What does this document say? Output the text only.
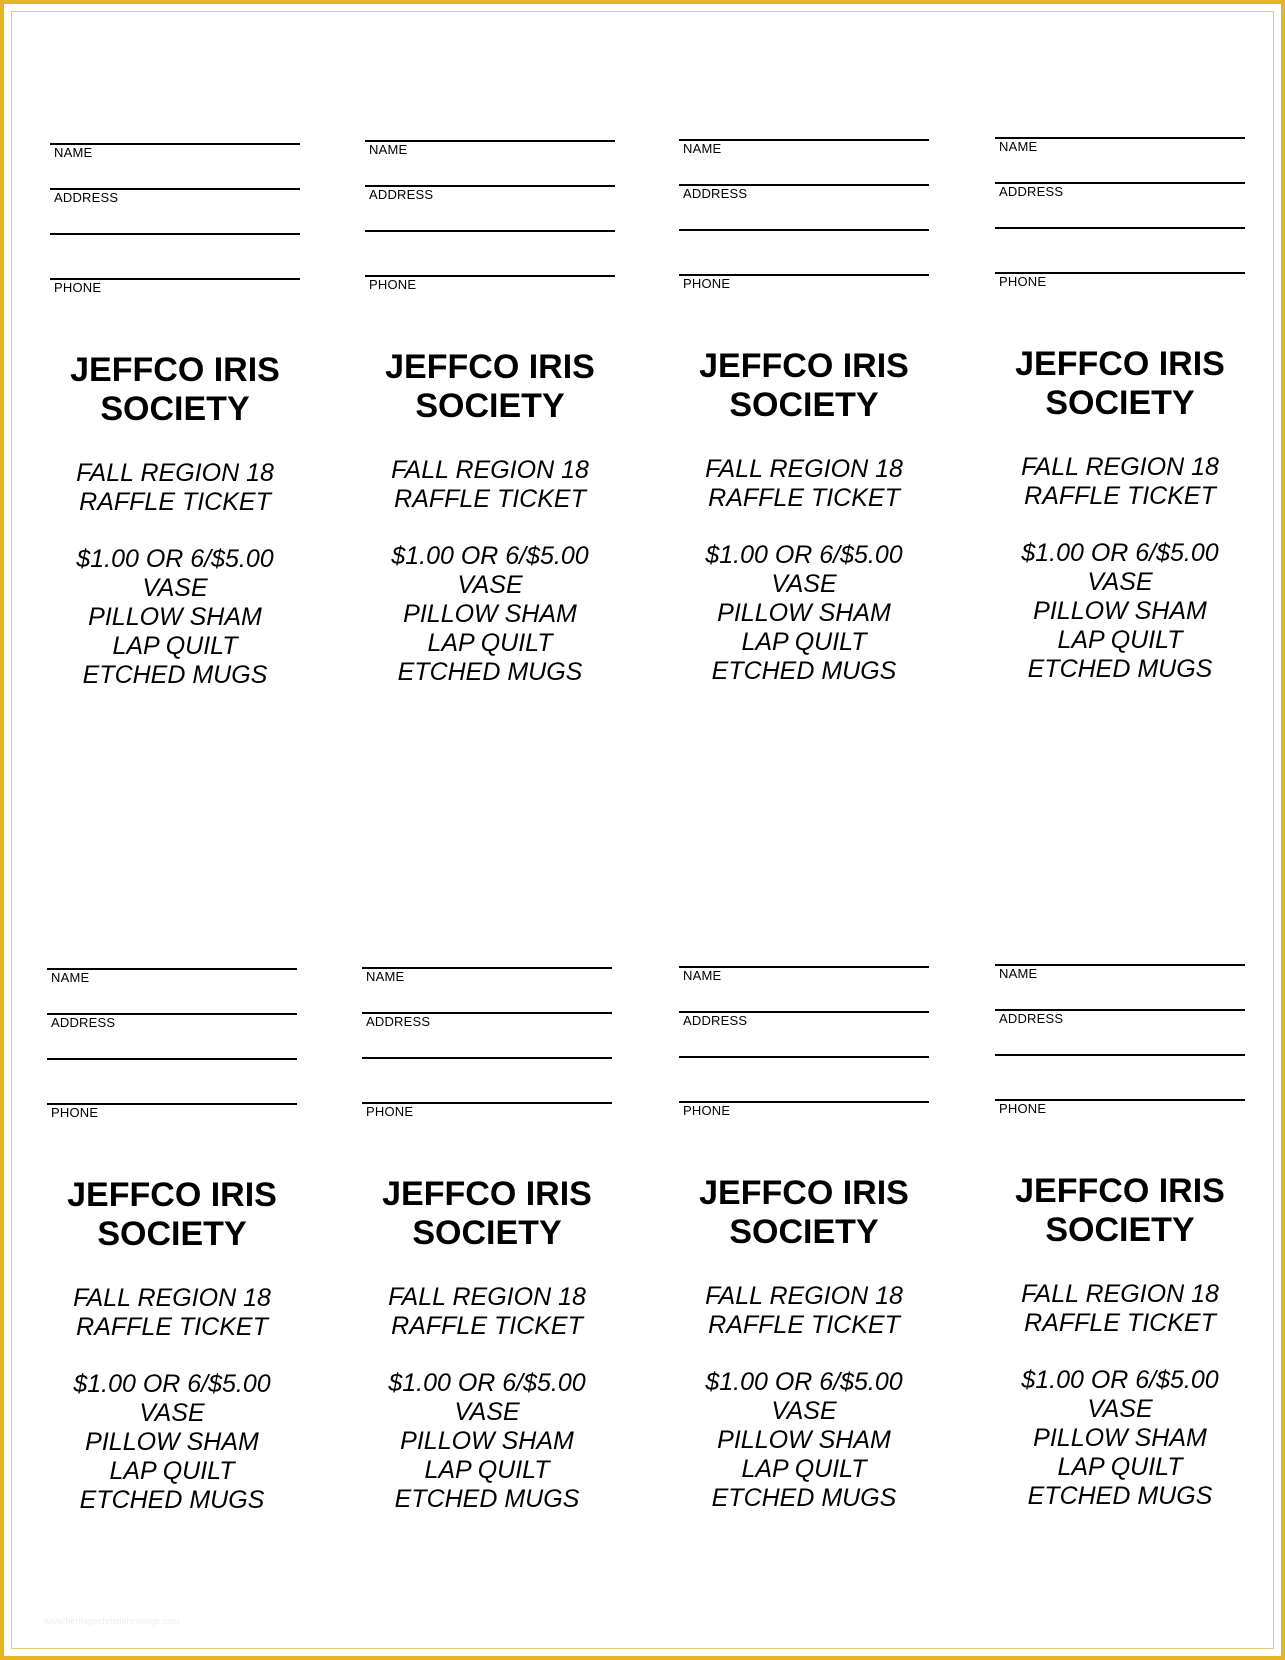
NAME
ADDRESS
PHONE
JEFFCO IRIS
SOCIETY
FALL REGION 18
RAFFLE TICKET
$1.00 OR 6/$5.00
VASE
PILLOW SHAM
LAP QUILT
ETCHED MUGS
NAME
ADDRESS
PHONE
JEFFCO IRIS
SOCIETY
FALL REGION 18
RAFFLE TICKET
$1.00 OR 6/$5.00
VASE
PILLOW SHAM
LAP QUILT
ETCHED MUGS
NAME
ADDRESS
PHONE
JEFFCO IRIS
SOCIETY
FALL REGION 18
RAFFLE TICKET
$1.00 OR 6/$5.00
VASE
PILLOW SHAM
LAP QUILT
ETCHED MUGS
NAME
ADDRESS
PHONE
JEFFCO IRIS
SOCIETY
FALL REGION 18
RAFFLE TICKET
$1.00 OR 6/$5.00
VASE
PILLOW SHAM
LAP QUILT
ETCHED MUGS
NAME
ADDRESS
PHONE
JEFFCO IRIS
SOCIETY
FALL REGION 18
RAFFLE TICKET
$1.00 OR 6/$5.00
VASE
PILLOW SHAM
LAP QUILT
ETCHED MUGS
NAME
ADDRESS
PHONE
JEFFCO IRIS
SOCIETY
FALL REGION 18
RAFFLE TICKET
$1.00 OR 6/$5.00
VASE
PILLOW SHAM
LAP QUILT
ETCHED MUGS
NAME
ADDRESS
PHONE
JEFFCO IRIS
SOCIETY
FALL REGION 18
RAFFLE TICKET
$1.00 OR 6/$5.00
VASE
PILLOW SHAM
LAP QUILT
ETCHED MUGS
NAME
ADDRESS
PHONE
JEFFCO IRIS
SOCIETY
FALL REGION 18
RAFFLE TICKET
$1.00 OR 6/$5.00
VASE
PILLOW SHAM
LAP QUILT
ETCHED MUGS
www.heritagechristiancollege.com
